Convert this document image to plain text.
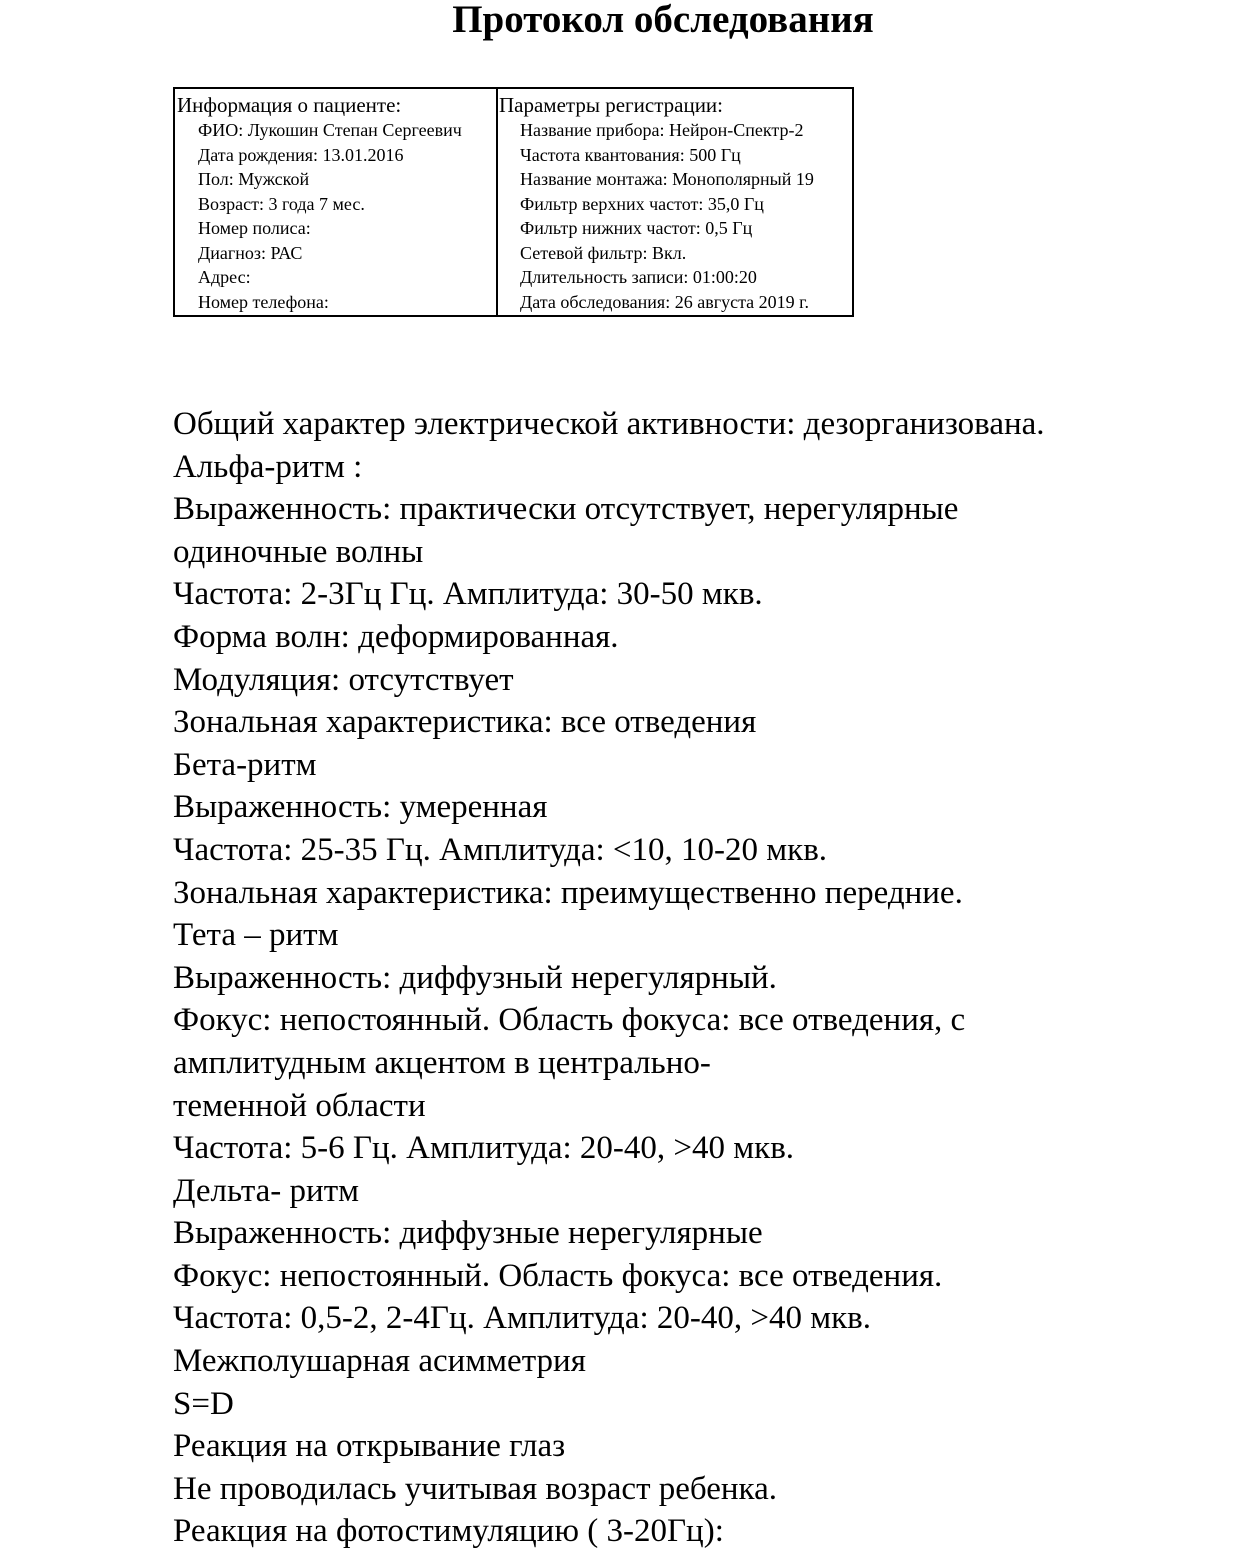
Протокол обследования
Информация о пациенте:
ФИО: Лукошин Степан Сергеевич
Дата рождения: 13.01.2016
Пол: Мужской
Возраст: 3 года 7 мес.
Номер полиса:
Диагноз: РАС
Адрес:
Номер телефона:
Параметры регистрации:
Название прибора: Нейрон-Спектр-2
Частота квантования: 500 Гц
Название монтажа: Монополярный 19
Фильтр верхних частот: 35,0 Гц
Фильтр нижних частот: 0,5 Гц
Сетевой фильтр: Вкл.
Длительность записи: 01:00:20
Дата обследования: 26 августа 2019 г.
Общий характер электрической активности: дезорганизована.
Альфа-ритм :
Выраженность: практически отсутствует, нерегулярные
одиночные волны
Частота: 2-3Гц Гц. Амплитуда: 30-50 мкв.
Форма волн: деформированная.
Модуляция: отсутствует
Зональная характеристика: все отведения
Бета-ритм
Выраженность: умеренная
Частота: 25-35 Гц. Амплитуда: <10, 10-20 мкв.
Зональная характеристика: преимущественно передние.
Тета – ритм
Выраженность: диффузный нерегулярный.
Фокус: непостоянный. Область фокуса: все отведения, с
амплитудным акцентом в центрально-
теменной области
Частота: 5-6 Гц. Амплитуда: 20-40, >40 мкв.
Дельта- ритм
Выраженность: диффузные нерегулярные
Фокус: непостоянный. Область фокуса: все отведения.
Частота: 0,5-2, 2-4Гц. Амплитуда: 20-40, >40 мкв.
Межполушарная асимметрия
S=D
Реакция на открывание глаз
Не проводилась учитывая возраст ребенка.
Реакция на фотостимуляцию ( 3-20Гц):
